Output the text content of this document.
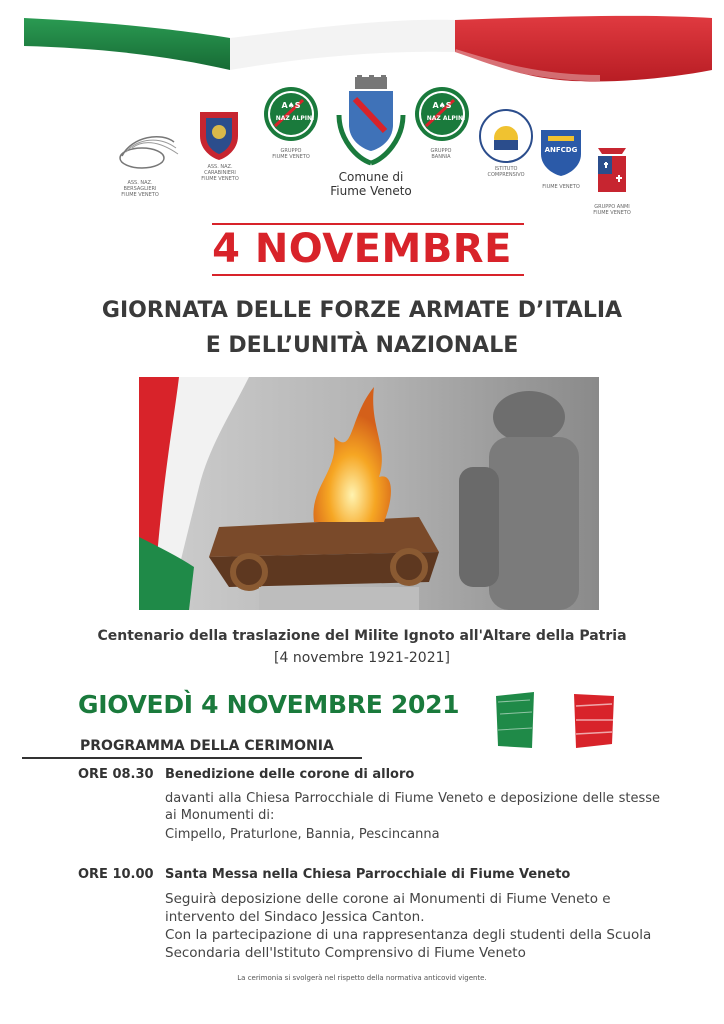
ASS. NAZ.
BERSAGLIERI
FIUME VENETO
ASS. NAZ.
CARABINIERI
FIUME VENETO
A♠S
NAZ ALPINI
GRUPPO
FIUME VENETO
Comune di
Fiume Veneto
A♠S
NAZ ALPINI
GRUPPO
BANNIA
ISTITUTO
COMPRENSIVO
ANFCDG
FIUME VENETO
GRUPPO ANMI
FIUME VENETO
4 NOVEMBRE
GIORNATA DELLE FORZE ARMATE D’ITALIA
E DELL’UNITÀ NAZIONALE
Centenario della traslazione del Milite Ignoto all'Altare della Patria
[4 novembre 1921-2021]
GIOVEDÌ 4 NOVEMBRE 2021
PROGRAMMA DELLA CERIMONIA
ORE 08.30 Benedizione delle corone di alloro
davanti alla Chiesa Parrocchiale di Fiume Veneto e deposizione delle stesse ai Monumenti di:
Cimpello, Praturlone, Bannia, Pescincanna
ORE 10.00 Santa Messa nella Chiesa Parrocchiale di Fiume Veneto
Seguirà deposizione delle corone ai Monumenti di Fiume Veneto e
intervento del Sindaco Jessica Canton.
Con la partecipazione di una rappresentanza degli studenti della Scuola
Secondaria dell'Istituto Comprensivo di Fiume Veneto
La cerimonia si svolgerà nel rispetto della normativa anticovid vigente.
